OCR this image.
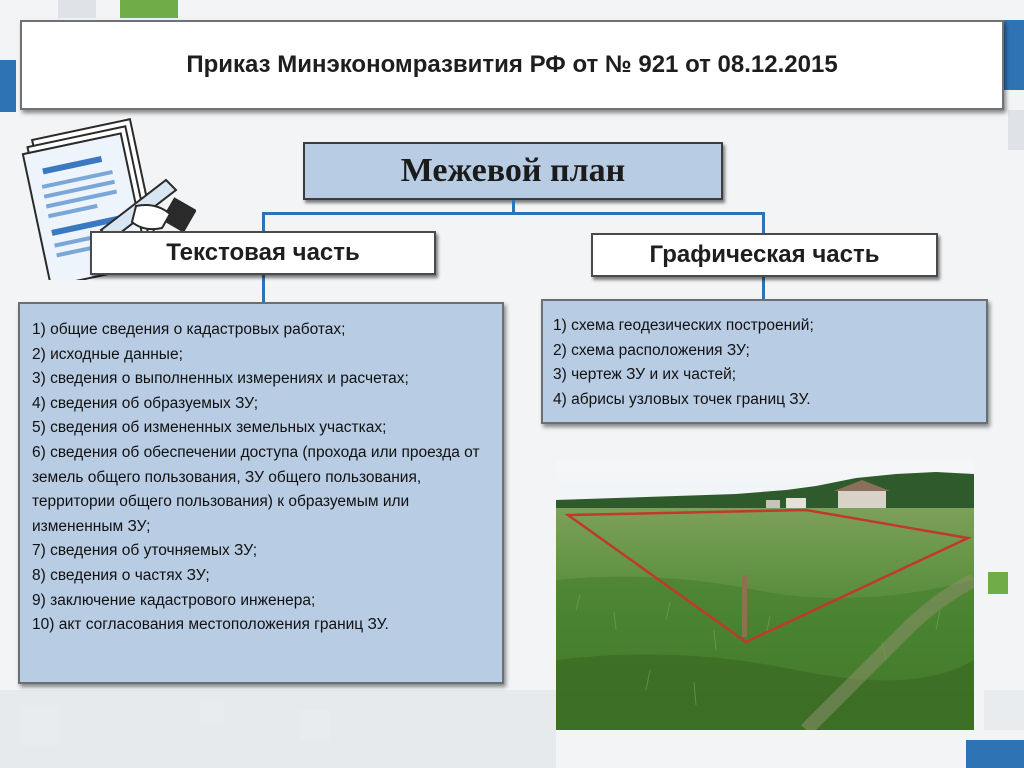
Приказ Минэкономразвития РФ от № 921 от 08.12.2015
Межевой план
Текстовая часть	Графическая часть
1) общие сведения о кадастровых работах;
2) исходные данные;
3) сведения о выполненных измерениях и расчетах;
4) сведения об образуемых ЗУ;
5) сведения об измененных земельных участках;
6) сведения об обеспечении доступа (прохода или проезда от земель общего пользования, ЗУ общего пользования, территории общего пользования) к образуемым или измененным ЗУ;
7) сведения об уточняемых ЗУ;
8) сведения о частях ЗУ;
9) заключение кадастрового инженера;
10) акт согласования местоположения границ ЗУ.
1) схема геодезических построений;
2) схема расположения ЗУ;
3) чертеж ЗУ и их частей;
4) абрисы узловых точек границ ЗУ.
